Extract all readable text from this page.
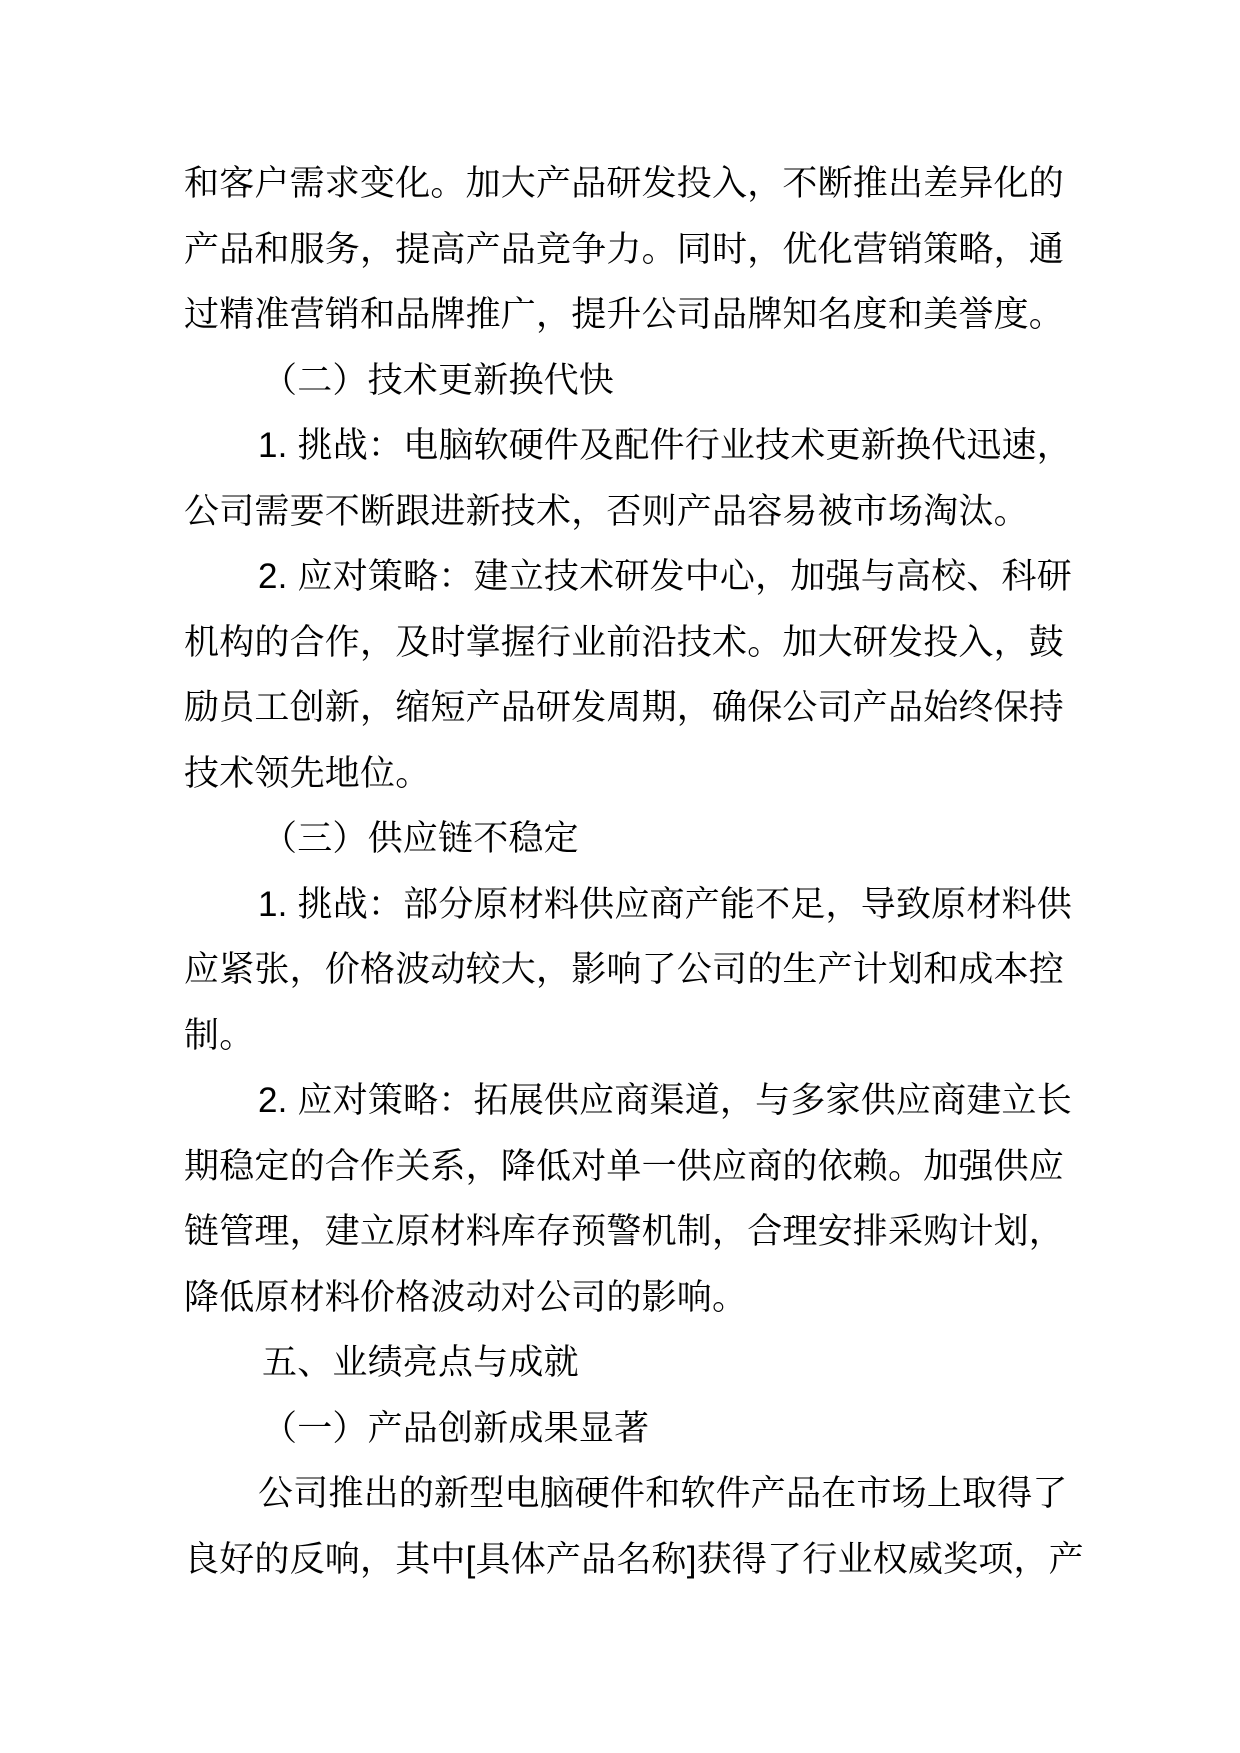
和客户需求变化。加大产品研发投入，不断推出差异化的
产品和服务，提高产品竞争力。同时，优化营销策略，通
过精准营销和品牌推广，提升公司品牌知名度和美誉度。
（二）技术更新换代快
1. 挑战：电脑软硬件及配件行业技术更新换代迅速，
公司需要不断跟进新技术，否则产品容易被市场淘汰。
2. 应对策略：建立技术研发中心，加强与高校、科研
机构的合作，及时掌握行业前沿技术。加大研发投入，鼓
励员工创新，缩短产品研发周期，确保公司产品始终保持
技术领先地位。
（三）供应链不稳定
1. 挑战：部分原材料供应商产能不足，导致原材料供
应紧张，价格波动较大，影响了公司的生产计划和成本控
制。
2. 应对策略：拓展供应商渠道，与多家供应商建立长
期稳定的合作关系，降低对单一供应商的依赖。加强供应
链管理，建立原材料库存预警机制，合理安排采购计划，
降低原材料价格波动对公司的影响。
五、业绩亮点与成就
（一）产品创新成果显著
公司推出的新型电脑硬件和软件产品在市场上取得了
良好的反响，其中[具体产品名称]获得了行业权威奖项，产
